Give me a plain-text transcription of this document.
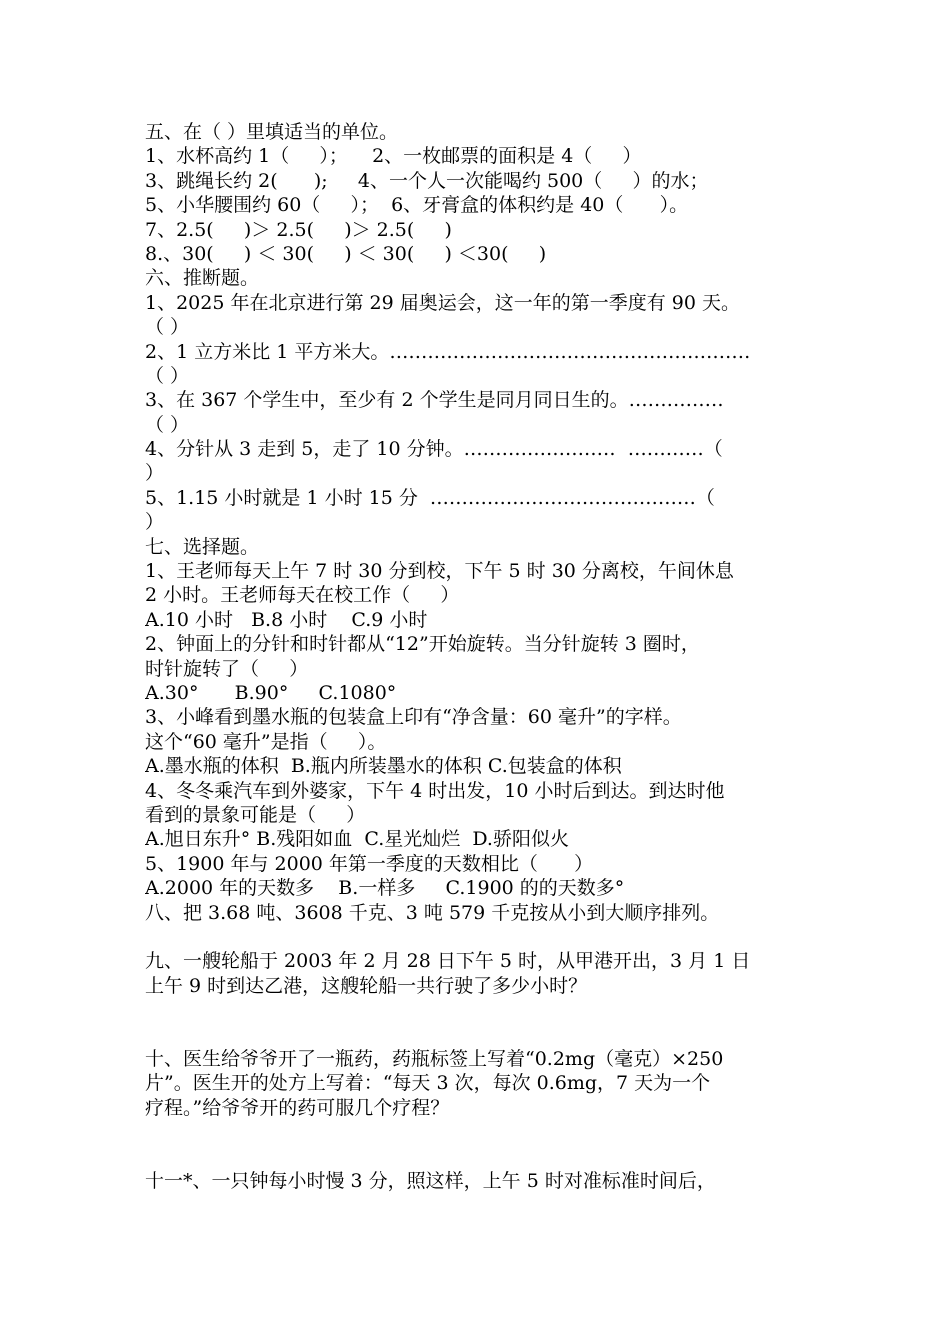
五、在（ ）里填适当的单位。
1、水杯高约 1（     ）；    2、一枚邮票的面积是 4（     ）
3、跳绳长约 2(      );     4、一个人一次能喝约 500（     ）的水；
5、小华腰围约 60（     ）；  6、牙膏盒的体积约是 40（      ）。
7、2.5(     )＞ 2.5(     )＞ 2.5(     )
8.、30(     ) ＜ 30(     ) ＜ 30(     ) ＜30(     )
六、推断题。
1、2025 年在北京进行第 29 届奥运会，这一年的第一季度有 90 天。
（ ）
2、1 立方米比 1 平方米大。…………………………………………………
（ ）
3、在 367 个学生中，至少有 2 个学生是同月同日生的。……………
（ ）
4、分针从 3 走到 5，走了 10 分钟。……………………  …………（
）
5、1.15 小时就是 1 小时 15 分  ……………………………………（
）
七、选择题。
1、王老师每天上午 7 时 30 分到校，下午 5 时 30 分离校，午间休息
2 小时。王老师每天在校工作（     ）
A.10 小时   B.8 小时    C.9 小时
2、钟面上的分针和时针都从“12”开始旋转。当分针旋转 3 圈时，
时针旋转了（     ）
A.30°      B.90°     C.1080°
3、小峰看到墨水瓶的包装盒上印有“净含量：60 毫升”的字样。
这个“60 毫升”是指（     ）。
A.墨水瓶的体积  B.瓶内所装墨水的体积 C.包装盒的体积
4、冬冬乘汽车到外婆家，下午 4 时出发，10 小时后到达。到达时他
看到的景象可能是（     ）
A.旭日东升° B.残阳如血  C.星光灿烂  D.骄阳似火
5、1900 年与 2000 年第一季度的天数相比（      ）
A.2000 年的天数多    B.一样多     C.1900 的的天数多°
八、把 3.68 吨、3608 千克、3 吨 579 千克按从小到大顺序排列。
九、一艘轮船于 2003 年 2 月 28 日下午 5 时，从甲港开出，3 月 1 日
上午 9 时到达乙港，这艘轮船一共行驶了多少小时？
十、医生给爷爷开了一瓶药，药瓶标签上写着“0.2mg（毫克）×250
片”。医生开的处方上写着：“每天 3 次，每次 0.6mg，7 天为一个
疗程。”给爷爷开的药可服几个疗程？
十一*、一只钟每小时慢 3 分，照这样，上午 5 时对准标准时间后，
